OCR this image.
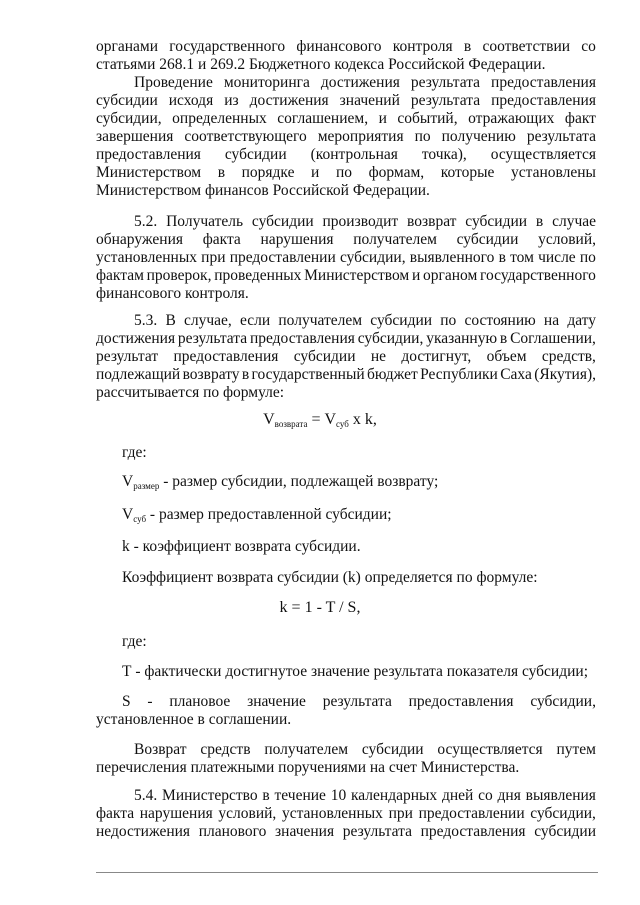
органами государственного финансового контроля в соответствии со
статьями 268.1 и 269.2 Бюджетного кодекса Российской Федерации.
Проведение мониторинга достижения результата предоставления
субсидии исходя из достижения значений результата предоставления
субсидии, определенных соглашением, и событий, отражающих факт
завершения соответствующего мероприятия по получению результата
предоставления субсидии (контрольная точка), осуществляется
Министерством в порядке и по формам, которые установлены
Министерством финансов Российской Федерации.
5.2. Получатель субсидии производит возврат субсидии в случае
обнаружения факта нарушения получателем субсидии условий,
установленных при предоставлении субсидии, выявленного в том числе по
фактам проверок, проведенных Министерством и органом государственного
финансового контроля.
5.3. В случае, если получателем субсидии по состоянию на дату
достижения результата предоставления субсидии, указанную в Соглашении,
результат предоставления субсидии не достигнут, объем средств,
подлежащий возврату в государственный бюджет Республики Саха (Якутия),
рассчитывается по формуле:
где:
k - коэффициент возврата субсидии.
Коэффициент возврата субсидии (k) определяется по формуле:
где:
Т - фактически достигнутое значение результата показателя субсидии;
S - плановое значение результата предоставления субсидии,
установленное в соглашении.
Возврат средств получателем субсидии осуществляется путем
перечисления платежными поручениями на счет Министерства.
5.4. Министерство в течение 10 календарных дней со дня выявления
факта нарушения условий, установленных при предоставлении субсидии,
недостижения планового значения результата предоставления субсидии
k = 1 - T / S,
$V_{возврата} = V_{суб}$ x k,
$V_{размер}$ - размер субсидии, подлежащей возврату;
$V_{суб}$ - размер предоставленной субсидии;
